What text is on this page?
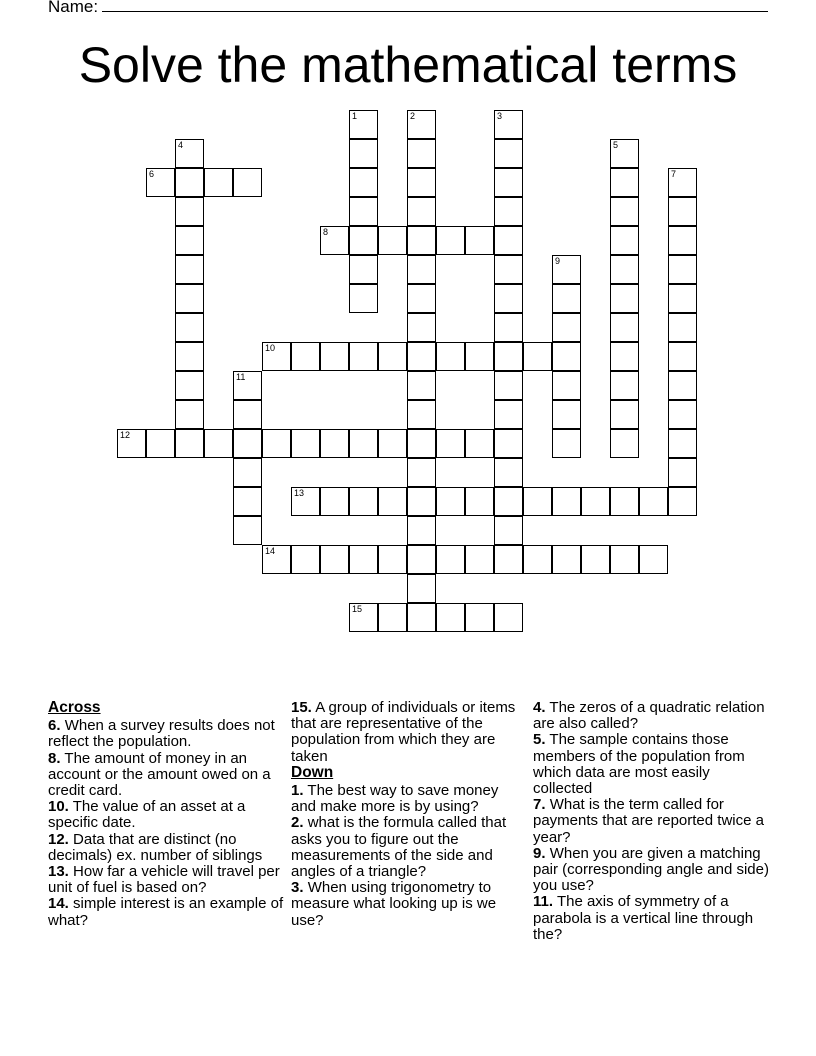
Name:
Solve the mathematical terms
1	2	3
4	5
6	7
8
9
10
11
12
13
14
15
Across
6. When a survey results does not reflect the population.
8. The amount of money in an account or the amount owed on a credit card.
10. The value of an asset at a specific date.
12. Data that are distinct (no decimals) ex. number of siblings
13. How far a vehicle will travel per unit of fuel is based on?
14. simple interest is an example of what?
15. A group of individuals or items that are representative of the population from which they are taken
Down
1. The best way to save money and make more is by using?
2. what is the formula called that asks you to figure out the measurements of the side and angles of a triangle?
3. When using trigonometry to measure what looking up is we use?
4. The zeros of a quadratic relation are also called?
5. The sample contains those members of the population from which data are most easily collected
7. What is the term called for payments that are reported twice a year?
9. When you are given a matching pair (corresponding angle and side) you use?
11. The axis of symmetry of a parabola is a vertical line through the?
